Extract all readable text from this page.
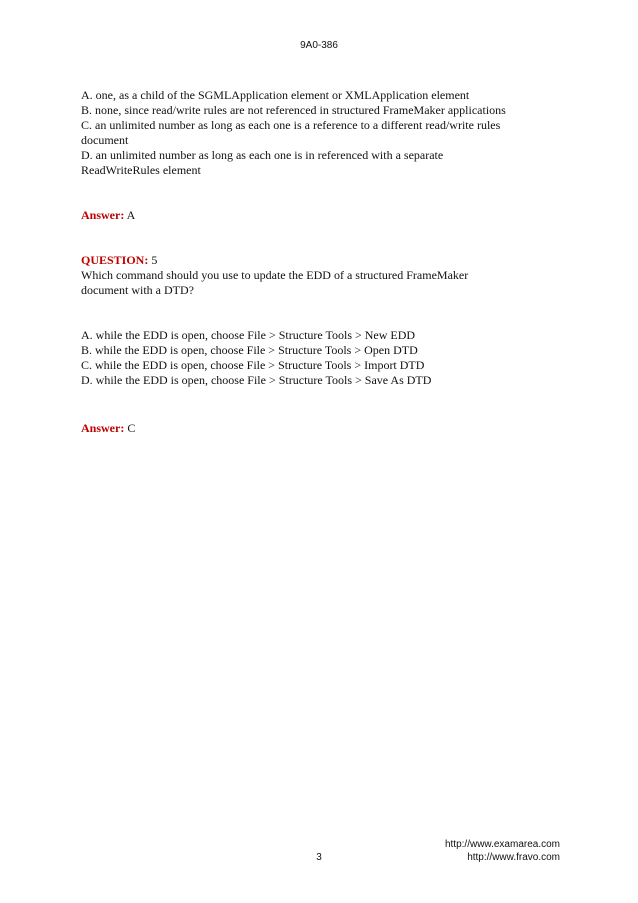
9A0-386
A. one, as a child of the SGMLApplication element or XMLApplication element
B. none, since read/write rules are not referenced in structured FrameMaker applications
C. an unlimited number as long as each one is a reference to a different read/write rules
document
D. an unlimited number as long as each one is in referenced with a separate
ReadWriteRules element
Answer: A
QUESTION: 5
Which command should you use to update the EDD of a structured FrameMaker
document with a DTD?
A. while the EDD is open, choose File > Structure Tools > New EDD
B. while the EDD is open, choose File > Structure Tools > Open DTD
C. while the EDD is open, choose File > Structure Tools > Import DTD
D. while the EDD is open, choose File > Structure Tools > Save As DTD
Answer: C
http://www.examarea.com
http://www.fravo.com
3
